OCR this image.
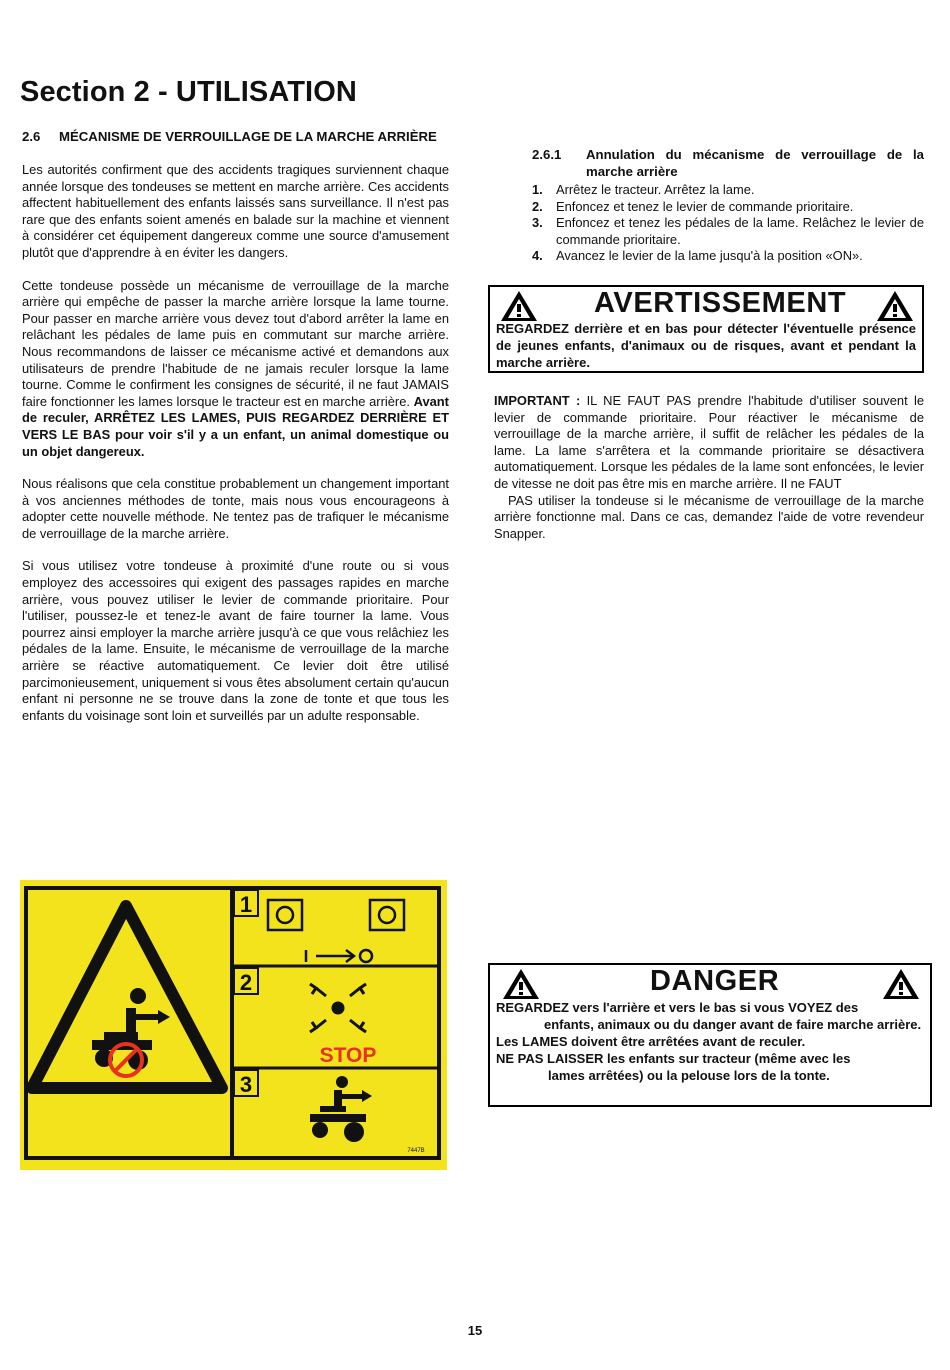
Section 2 - UTILISATION
2.6 MÉCANISME DE VERROUILLAGE DE LA MARCHE ARRIÈRE

Les autorités confirment que des accidents tragiques surviennent chaque année lorsque des tondeuses se mettent en marche arrière. Ces accidents affectent habituellement des enfants laissés sans surveillance. Il n'est pas rare que des enfants soient amenés en balade sur la machine et viennent à considérer cet équipement dangereux comme une source d'amusement plutôt que d'apprendre à en éviter les dangers.

Cette tondeuse possède un mécanisme de verrouillage de la marche arrière qui empêche de passer la marche arrière lorsque la lame tourne. Pour passer en marche arrière vous devez tout d'abord arrêter la lame en relâchant les pédales de lame puis en commutant sur marche arrière. Nous recommandons de laisser ce mécanisme activé et demandons aux utilisateurs de prendre l'habitude de ne jamais reculer lorsque la lame tourne. Comme le confirment les consignes de sécurité, il ne faut JAMAIS faire fonctionner les lames lorsque le tracteur est en marche arrière. Avant de reculer, ARRÊTEZ LES LAMES, PUIS REGARDEZ DERRIÈRE ET VERS LE BAS pour voir s'il y a un enfant, un animal domestique ou un objet dangereux.

Nous réalisons que cela constitue probablement un changement important à vos anciennes méthodes de tonte, mais nous vous encourageons à adopter cette nouvelle méthode. Ne tentez pas de trafiquer le mécanisme de verrouillage de la marche arrière.

Si vous utilisez votre tondeuse à proximité d'une route ou si vous employez des accessoires qui exigent des passages rapides en marche arrière, vous pouvez utiliser le levier de commande prioritaire. Pour l'utiliser, poussez-le et tenez-le avant de faire tourner la lame. Vous pourrez ainsi employer la marche arrière jusqu'à ce que vous relâchiez les pédales de la lame. Ensuite, le mécanisme de verrouillage de la marche arrière se réactive automatiquement. Ce levier doit être utilisé parcimonieusement, uniquement si vous êtes absolument certain qu'aucun enfant ni personne ne se trouve dans la zone de tonte et que tous les enfants du voisinage sont loin et surveillés par un adulte responsable.

2.6.1 Annulation du mécanisme de verrouillage de la marche arrière
1. Arrêtez le tracteur. Arrêtez la lame.
2. Enfoncez et tenez le levier de commande prioritaire.
3. Enfoncez et tenez les pédales de la lame. Relâchez le levier de commande prioritaire.
4. Avancez le levier de la lame jusqu'à la position «ON».
AVERTISSEMENT
REGARDEZ derrière et en bas pour détecter l'éventuelle présence de jeunes enfants, d'animaux ou de risques, avant et pendant la marche arrière.
IMPORTANT : IL NE FAUT PAS prendre l'habitude d'utiliser souvent le levier de commande prioritaire. Pour réactiver le mécanisme de verrouillage de la marche arrière, il suffit de relâcher les pédales de la lame. La lame s'arrêtera et la commande prioritaire se désactivera automatiquement. Lorsque les pédales de la lame sont enfoncées, le levier de vitesse ne doit pas être mis en marche arrière. Il ne FAUT
PAS utiliser la tondeuse si le mécanisme de verrouillage de la marche arrière fonctionne mal. Dans ce cas, demandez l'aide de votre revendeur Snapper.
1
2
3
STOP
7447B
DANGER
REGARDEZ vers l'arrière et vers le bas si vous VOYEZ des
enfants, animaux ou du danger avant de faire marche arrière.
Les LAMES doivent être arrêtées avant de reculer.
NE PAS LAISSER les enfants sur tracteur (même avec les
lames arrêtées) ou la pelouse lors de la tonte.
15
